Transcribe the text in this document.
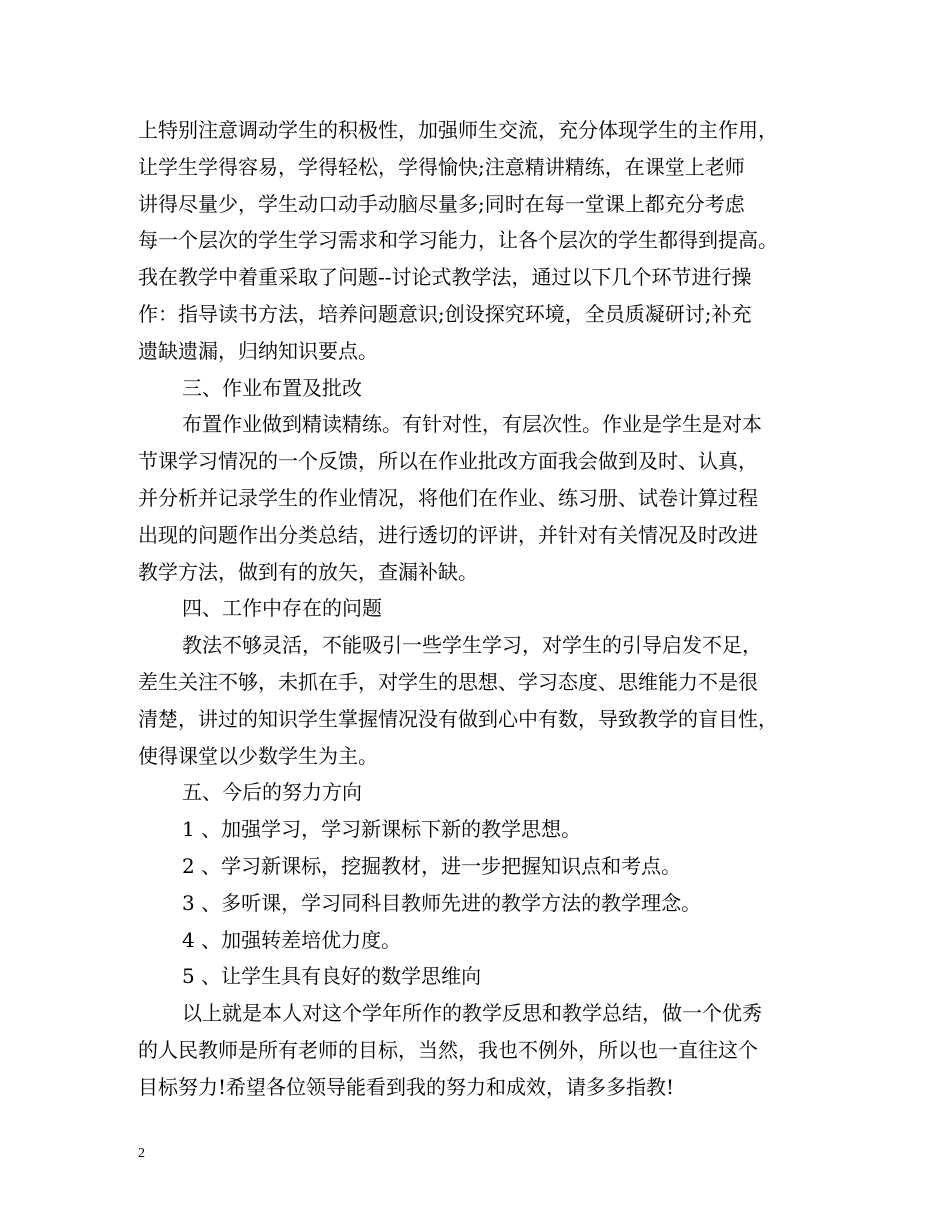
上特别注意调动学生的积极性，加强师生交流，充分体现学生的主作用，
让学生学得容易，学得轻松，学得愉快;注意精讲精练，在课堂上老师
讲得尽量少，学生动口动手动脑尽量多;同时在每一堂课上都充分考虑
每一个层次的学生学习需求和学习能力，让各个层次的学生都得到提高。
我在教学中着重采取了问题--讨论式教学法，通过以下几个环节进行操
作：指导读书方法，培养问题意识;创设探究环境，全员质凝研讨;补充
遗缺遗漏，归纳知识要点。
三、作业布置及批改
布置作业做到精读精练。有针对性，有层次性。作业是学生是对本
节课学习情况的一个反馈，所以在作业批改方面我会做到及时、认真，
并分析并记录学生的作业情况，将他们在作业、练习册、试卷计算过程
出现的问题作出分类总结，进行透切的评讲，并针对有关情况及时改进
教学方法，做到有的放矢，查漏补缺。
四、工作中存在的问题
教法不够灵活，不能吸引一些学生学习，对学生的引导启发不足，
差生关注不够，未抓在手，对学生的思想、学习态度、思维能力不是很
清楚，讲过的知识学生掌握情况没有做到心中有数，导致教学的盲目性，
使得课堂以少数学生为主。
五、今后的努力方向
1 、加强学习，学习新课标下新的教学思想。
2 、学习新课标，挖掘教材，进一步把握知识点和考点。
3 、多听课，学习同科目教师先进的教学方法的教学理念。
4 、加强转差培优力度。
5 、让学生具有良好的数学思维向
以上就是本人对这个学年所作的教学反思和教学总结，做一个优秀
的人民教师是所有老师的目标，当然，我也不例外，所以也一直往这个
目标努力!希望各位领导能看到我的努力和成效，请多多指教!
2
